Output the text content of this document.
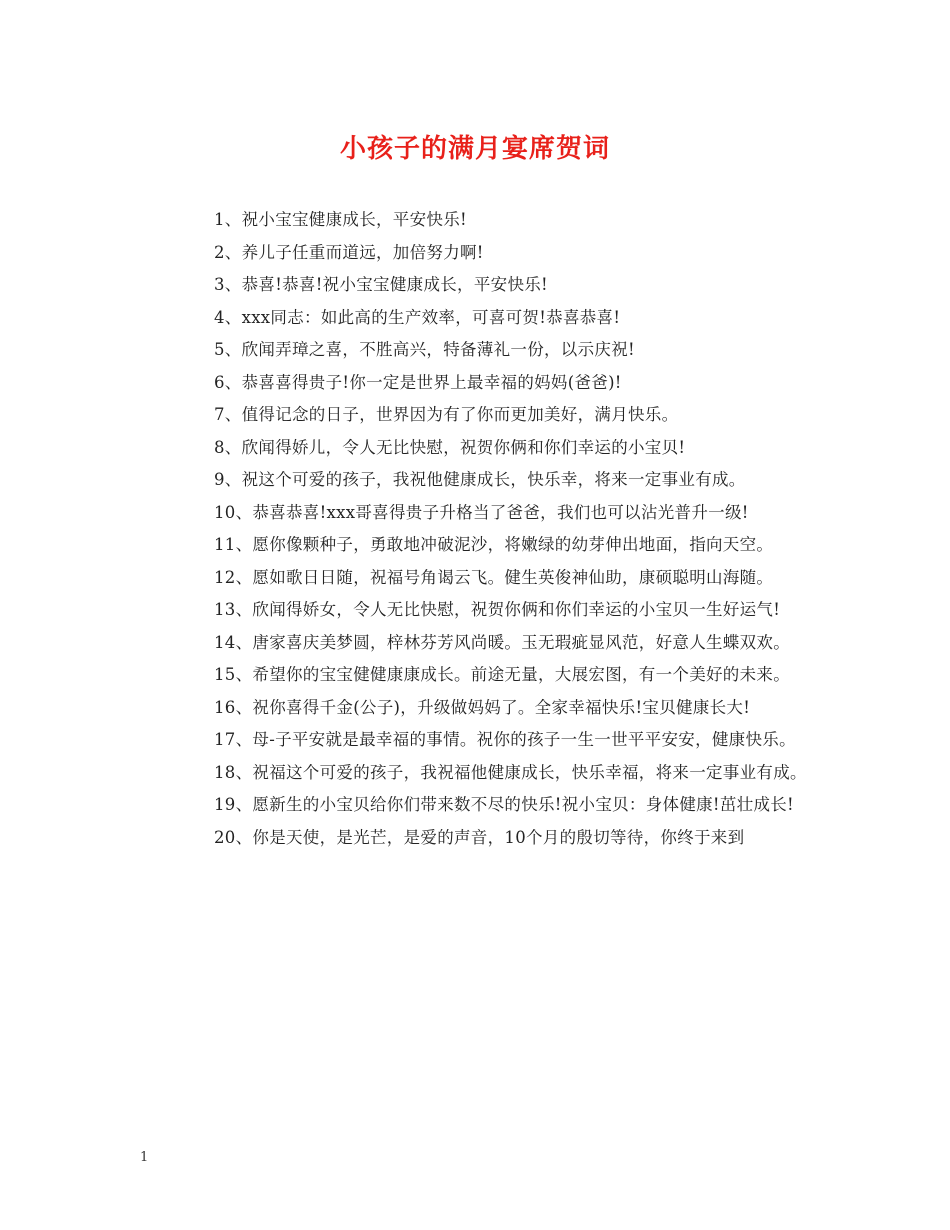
小孩子的满月宴席贺词

1、祝小宝宝健康成长，平安快乐!

2、养儿子任重而道远，加倍努力啊!

3、恭喜!恭喜!祝小宝宝健康成长，平安快乐!

4、xxx同志：如此高的生产效率，可喜可贺!恭喜恭喜!

5、欣闻弄璋之喜，不胜高兴，特备薄礼一份，以示庆祝!

6、恭喜喜得贵子!你一定是世界上最幸福的妈妈(爸爸)!

7、值得记念的日子，世界因为有了你而更加美好，满月快乐。

8、欣闻得娇儿，令人无比快慰，祝贺你俩和你们幸运的小宝贝!

9、祝这个可爱的孩子，我祝他健康成长，快乐幸，将来一定事业有成。

10、恭喜恭喜!xxx哥喜得贵子升格当了爸爸，我们也可以沾光普升一级!

11、愿你像颗种子，勇敢地冲破泥沙，将嫩绿的幼芽伸出地面，指向天空。

12、愿如歌日日随，祝福号角谒云飞。健生英俊神仙助，康硕聪明山海随。

13、欣闻得娇女，令人无比快慰，祝贺你俩和你们幸运的小宝贝一生好运气!

14、唐家喜庆美梦圆，梓林芬芳风尚暖。玉无瑕疵显风范，好意人生蝶双欢。

15、希望你的宝宝健健康康成长。前途无量，大展宏图，有一个美好的未来。

16、祝你喜得千金(公子)，升级做妈妈了。全家幸福快乐!宝贝健康长大!

17、母-子平安就是最幸福的事情。祝你的孩子一生一世平平安安，健康快乐。

18、祝福这个可爱的孩子，我祝福他健康成长，快乐幸福，将来一定事业有成。

19、愿新生的小宝贝给你们带来数不尽的快乐!祝小宝贝：身体健康!茁壮成长!

20、你是天使，是光芒，是爱的声音，10个月的殷切等待，你终于来到

1
